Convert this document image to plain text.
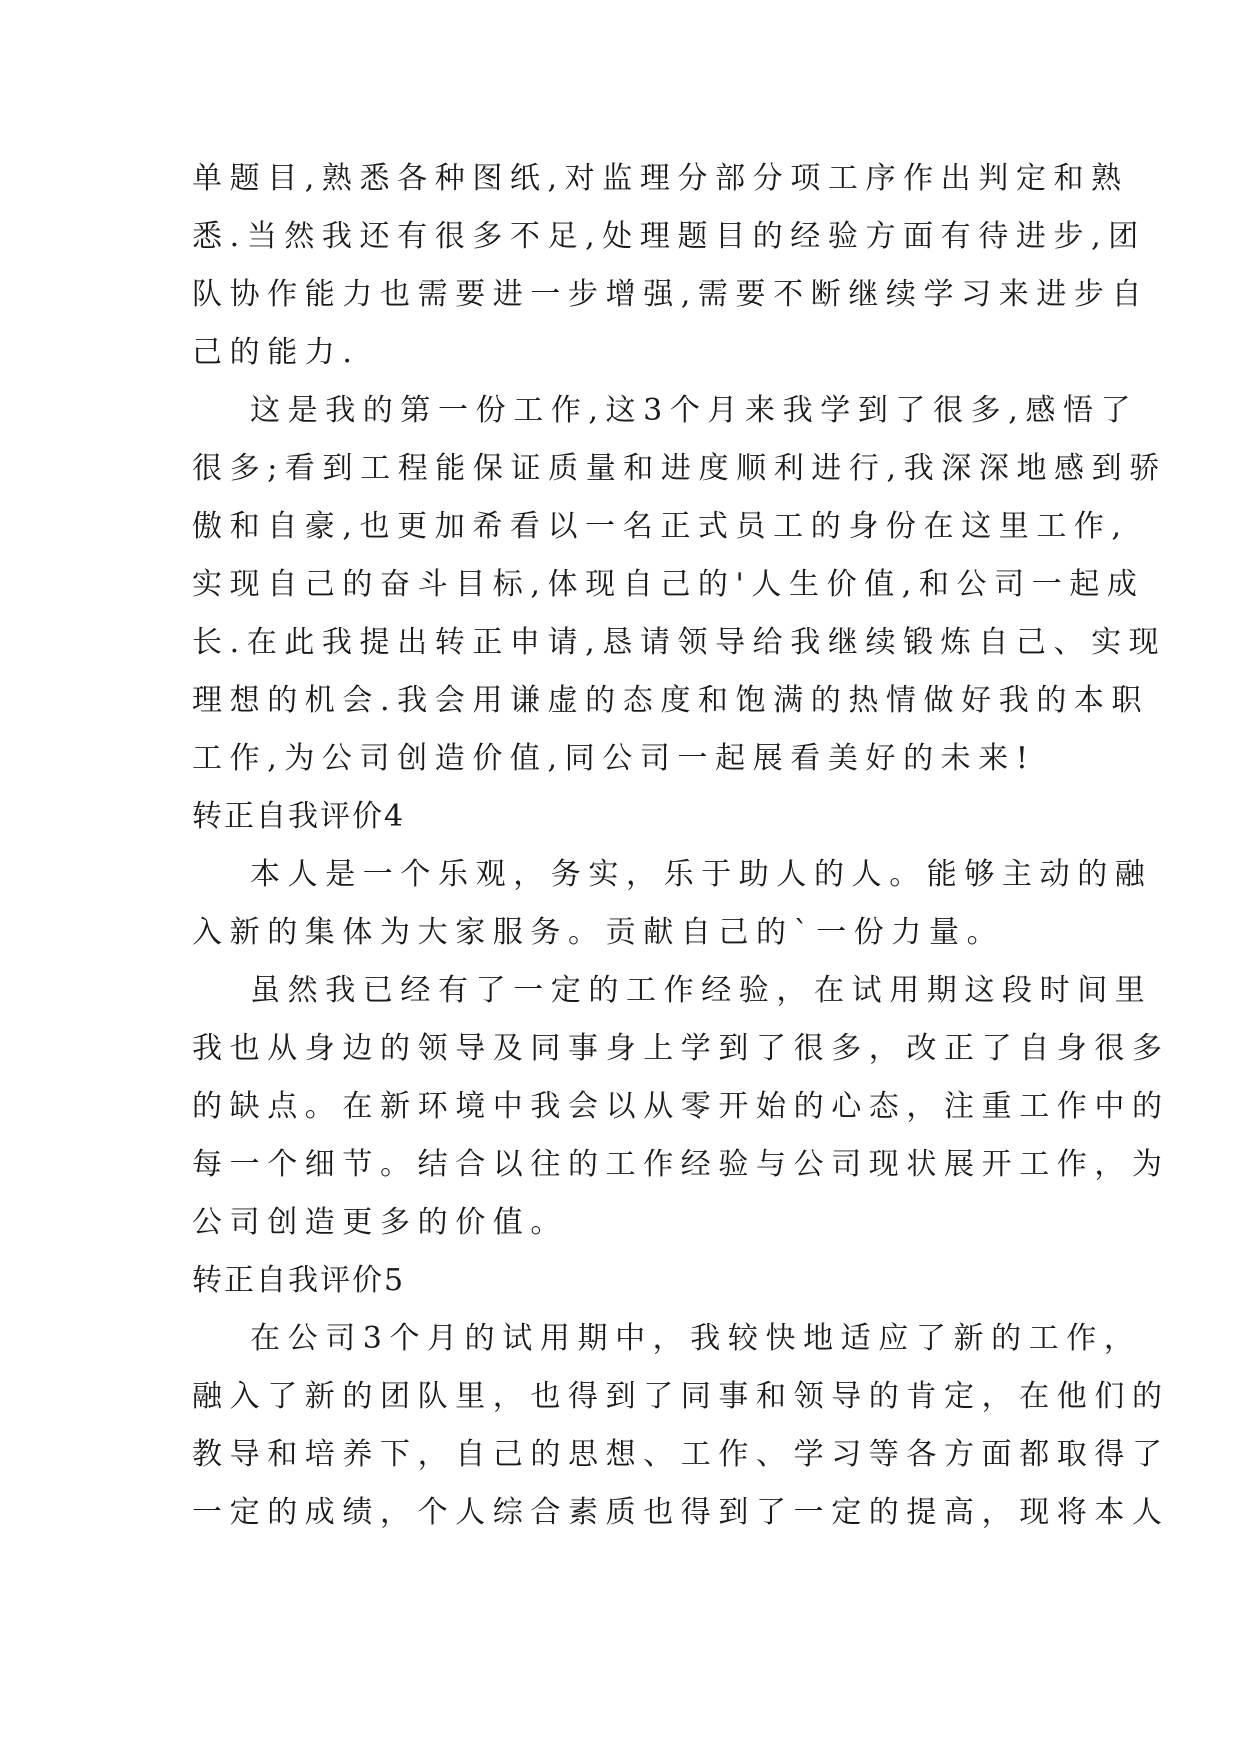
单题目,熟悉各种图纸,对监理分部分项工序作出判定和熟
悉.当然我还有很多不足,处理题目的经验方面有待进步,团
队协作能力也需要进一步增强,需要不断继续学习来进步自
己的能力.
这是我的第一份工作,这3个月来我学到了很多,感悟了
很多;看到工程能保证质量和进度顺利进行,我深深地感到骄
傲和自豪,也更加希看以一名正式员工的身份在这里工作,
实现自己的奋斗目标,体现自己的'人生价值,和公司一起成
长.在此我提出转正申请,恳请领导给我继续锻炼自己、实现
理想的机会.我会用谦虚的态度和饱满的热情做好我的本职
工作,为公司创造价值,同公司一起展看美好的未来!
转正自我评价4
本人是一个乐观，务实，乐于助人的人。能够主动的融
入新的集体为大家服务。贡献自己的`一份力量。
虽然我已经有了一定的工作经验，在试用期这段时间里
我也从身边的领导及同事身上学到了很多，改正了自身很多
的缺点。在新环境中我会以从零开始的心态，注重工作中的
每一个细节。结合以往的工作经验与公司现状展开工作，为
公司创造更多的价值。
转正自我评价5
在公司3个月的试用期中，我较快地适应了新的工作，
融入了新的团队里，也得到了同事和领导的肯定，在他们的
教导和培养下，自己的思想、工作、学习等各方面都取得了
一定的成绩，个人综合素质也得到了一定的提高，现将本人
